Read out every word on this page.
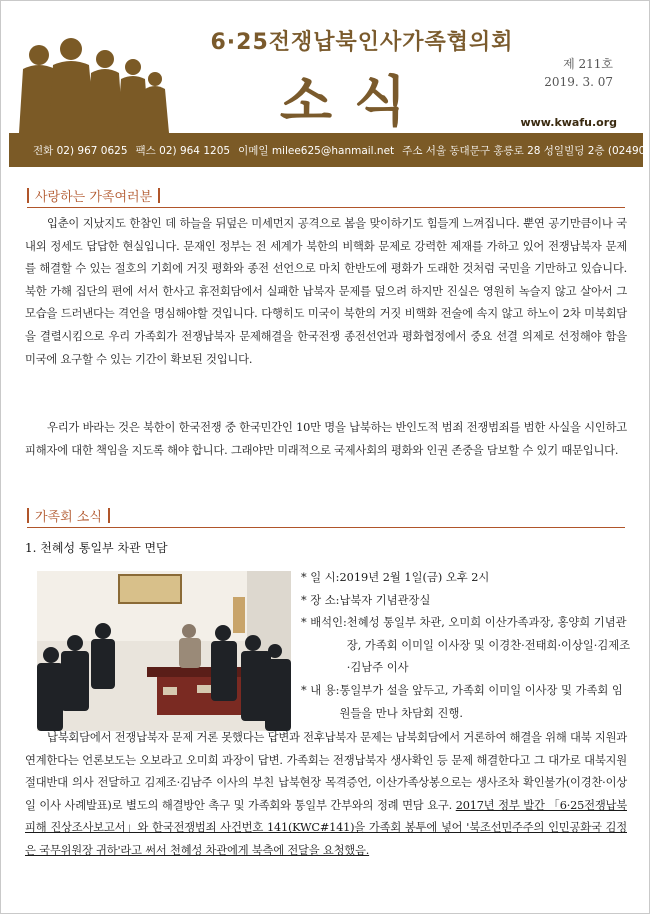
6·25전쟁납북인사가족협의회
소식
제 211호
2019. 3. 07
www.kwafu.org
전화 02) 967 0625 팩스 02) 964 1205 이메일 milee625@hanmail.net 주소 서울 동대문구 홍릉로 28 성일빌딩 2층 (02490)
사랑하는 가족여러분
입춘이 지났지도 한참인 데 하늘을 뒤덮은 미세먼지 공격으로 봄을 맞이하기도 힘들게 느껴집니다. 뿐연 공기만큼이나 국내외 정세도 답답한 현실입니다. 문재인 정부는 전 세계가 북한의 비핵화 문제로 강력한 제재를 가하고 있어 전쟁납북자 문제를 해결할 수 있는 절호의 기회에 거짓 평화와 종전 선언으로 마치 한반도에 평화가 도래한 것처럼 국민을 기만하고 있습니다. 북한 가해 집단의 편에 서서 한사고 휴전회담에서 실패한 납북자 문제를 덮으려 하지만 진실은 영원히 녹슬지 않고 살아서 그 모습을 드러낸다는 격언을 명심해야할 것입니다. 다행히도 미국이 북한의 거짓 비핵화 전술에 속지 않고 하노이 2차 미북회담을 결렬시킴으로 우리 가족회가 전쟁납북자 문제해결을 한국전쟁 종전선언과 평화협정에서 중요 선결 의제로 선정해야 함을 미국에 요구할 수 있는 기간이 확보된 것입니다.
우리가 바라는 것은 북한이 한국전쟁 중 한국민간인 10만 명을 납북하는 반인도적 범죄 전쟁범죄를 범한 사실을 시인하고 피해자에 대한 책임을 지도록 해야 합니다. 그래야만 미래적으로 국제사회의 평화와 인권 존중을 담보할 수 있기 때문입니다.
가족회 소식
1. 천혜성 통일부 차관 면담
* 일 시: 2019년 2월 1일(금) 오후 2시
* 장 소: 납북자 기념관장실
* 배석인: 천혜성 통일부 차관, 오미희 이산가족과장, 홍양희 기념관장, 가족회 이미일 이사장 및 이경찬·전태희·이상일·김제조·김남주 이사
* 내 용: 통일부가 설을 앞두고, 가족회 이미일 이사장 및 가족회 임원들을 만나 차담회 진행.
납북회담에서 전쟁납북자 문제 거론 못했다는 답변과 전후납북자 문제는 남북회담에서 거론하여 해결을 위해 대북 지원과 연계한다는 언론보도는 오보라고 오미희 과장이 답변. 가족회는 전쟁납북자 생사확인 등 문제 해결한다고 그 대가로 대북지원 절대반대 의사 전달하고 김제조·김남주 이사의 부친 납북현장 목격증언, 이산가족상봉으로는 생사조차 확인불가(이경찬·이상일 이사 사례발표)로 별도의 해결방안 촉구 및 가족회와 통일부 간부와의 정례 면담 요구. 2017년 정부 발간 「6·25전쟁납북피해 진상조사보고서」와 한국전쟁범죄 사건번호 141(KWC#141)을 가족회 봉투에 넣어 '북조선민주주의 인민공화국 김정은 국무위원장 귀하'라고 써서 천혜성 차관에게 북측에 전달을 요청했음.
